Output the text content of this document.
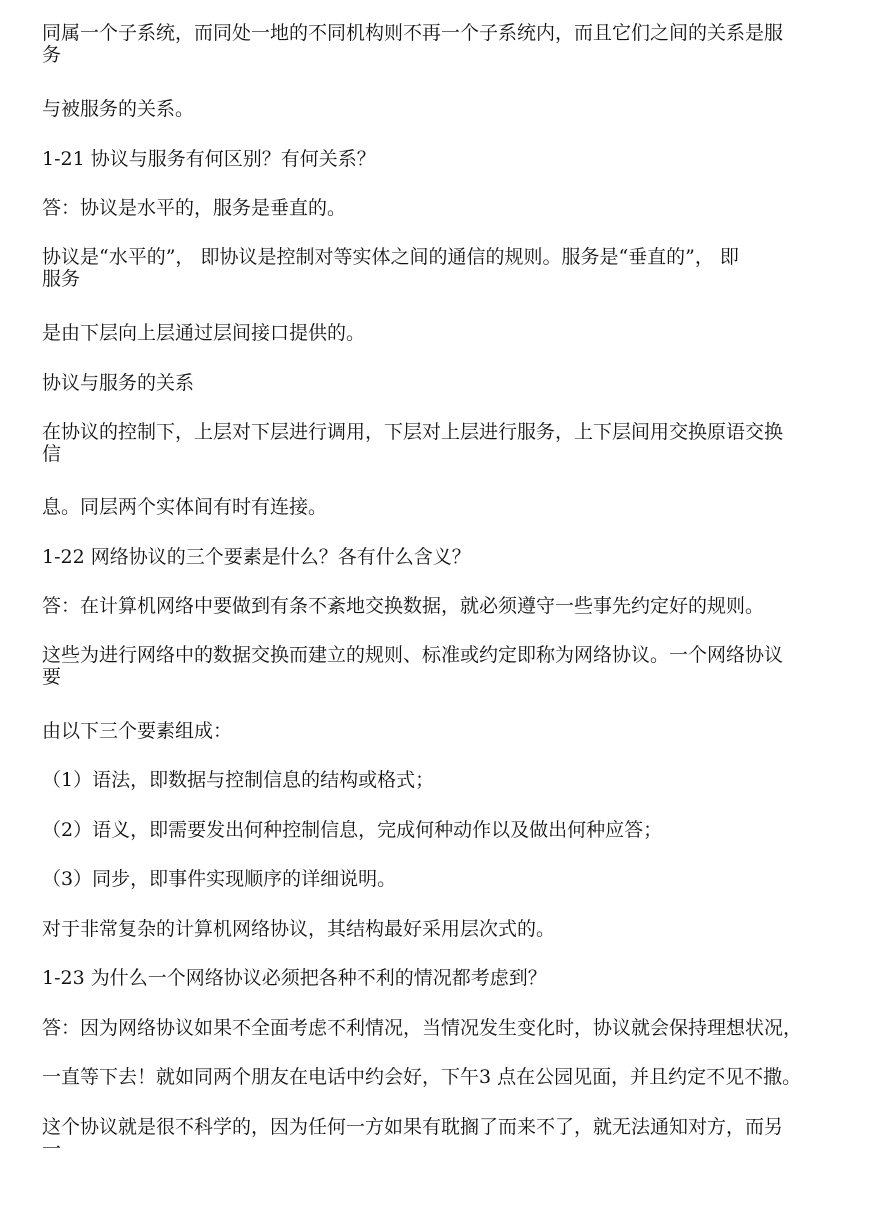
同属一个子系统，而同处一地的不同机构则不再一个子系统内，而且它们之间的关系是服
务
与被服务的关系。
1-21 协议与服务有何区别？有何关系？
答：协议是水平的，服务是垂直的。
协议是“水平的”， 即协议是控制对等实体之间的通信的规则。服务是“垂直的”， 即
服务
是由下层向上层通过层间接口提供的。
协议与服务的关系
在协议的控制下，上层对下层进行调用，下层对上层进行服务，上下层间用交换原语交换
信
息。同层两个实体间有时有连接。
1-22 网络协议的三个要素是什么？各有什么含义？
答：在计算机网络中要做到有条不紊地交换数据，就必须遵守一些事先约定好的规则。
这些为进行网络中的数据交换而建立的规则、标准或约定即称为网络协议。一个网络协议
要
由以下三个要素组成：
（1）语法，即数据与控制信息的结构或格式；
（2）语义，即需要发出何种控制信息，完成何种动作以及做出何种应答；
（3）同步，即事件实现顺序的详细说明。
对于非常复杂的计算机网络协议，其结构最好采用层次式的。
1-23 为什么一个网络协议必须把各种不利的情况都考虑到？
答：因为网络协议如果不全面考虑不利情况，当情况发生变化时，协议就会保持理想状况，
一直等下去！就如同两个朋友在电话中约会好，下午3 点在公园见面，并且约定不见不撒。
这个协议就是很不科学的，因为任何一方如果有耽搁了而来不了，就无法通知对方，而另
一
